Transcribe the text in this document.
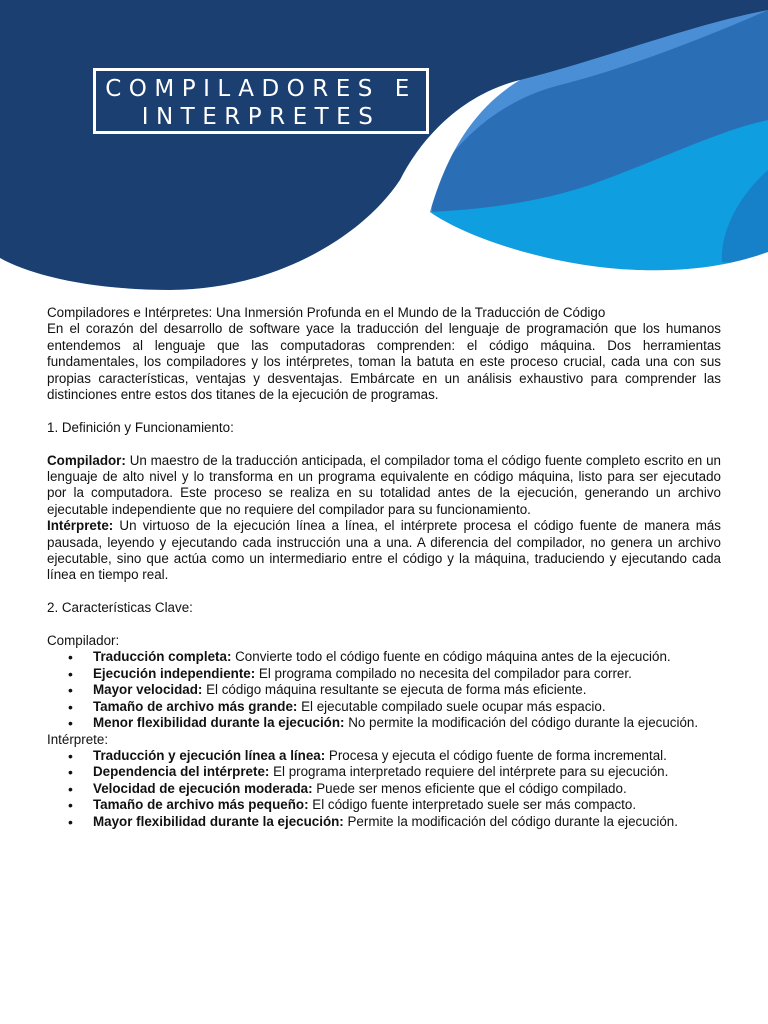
COMPILADORES E
INTERPRETES

Compiladores e Intérpretes: Una Inmersión Profunda en el Mundo de la Traducción de Código

En el corazón del desarrollo de software yace la traducción del lenguaje de programación que los humanos entendemos al lenguaje que las computadoras comprenden: el código máquina. Dos herramientas fundamentales, los compiladores y los intérpretes, toman la batuta en este proceso crucial, cada una con sus propias características, ventajas y desventajas. Embárcate en un análisis exhaustivo para comprender las distinciones entre estos dos titanes de la ejecución de programas.

1. Definición y Funcionamiento:

Compilador: Un maestro de la traducción anticipada, el compilador toma el código fuente completo escrito en un lenguaje de alto nivel y lo transforma en un programa equivalente en código máquina, listo para ser ejecutado por la computadora. Este proceso se realiza en su totalidad antes de la ejecución, generando un archivo ejecutable independiente que no requiere del compilador para su funcionamiento.

Intérprete: Un virtuoso de la ejecución línea a línea, el intérprete procesa el código fuente de manera más pausada, leyendo y ejecutando cada instrucción una a una. A diferencia del compilador, no genera un archivo ejecutable, sino que actúa como un intermediario entre el código y la máquina, traduciendo y ejecutando cada línea en tiempo real.

2. Características Clave:

Compilador:

• Traducción completa: Convierte todo el código fuente en código máquina antes de la ejecución.
• Ejecución independiente: El programa compilado no necesita del compilador para correr.
• Mayor velocidad: El código máquina resultante se ejecuta de forma más eficiente.
• Tamaño de archivo más grande: El ejecutable compilado suele ocupar más espacio.
• Menor flexibilidad durante la ejecución: No permite la modificación del código durante la ejecución.

Intérprete:

• Traducción y ejecución línea a línea: Procesa y ejecuta el código fuente de forma incremental.
• Dependencia del intérprete: El programa interpretado requiere del intérprete para su ejecución.
• Velocidad de ejecución moderada: Puede ser menos eficiente que el código compilado.
• Tamaño de archivo más pequeño: El código fuente interpretado suele ser más compacto.
• Mayor flexibilidad durante la ejecución: Permite la modificación del código durante la ejecución.
